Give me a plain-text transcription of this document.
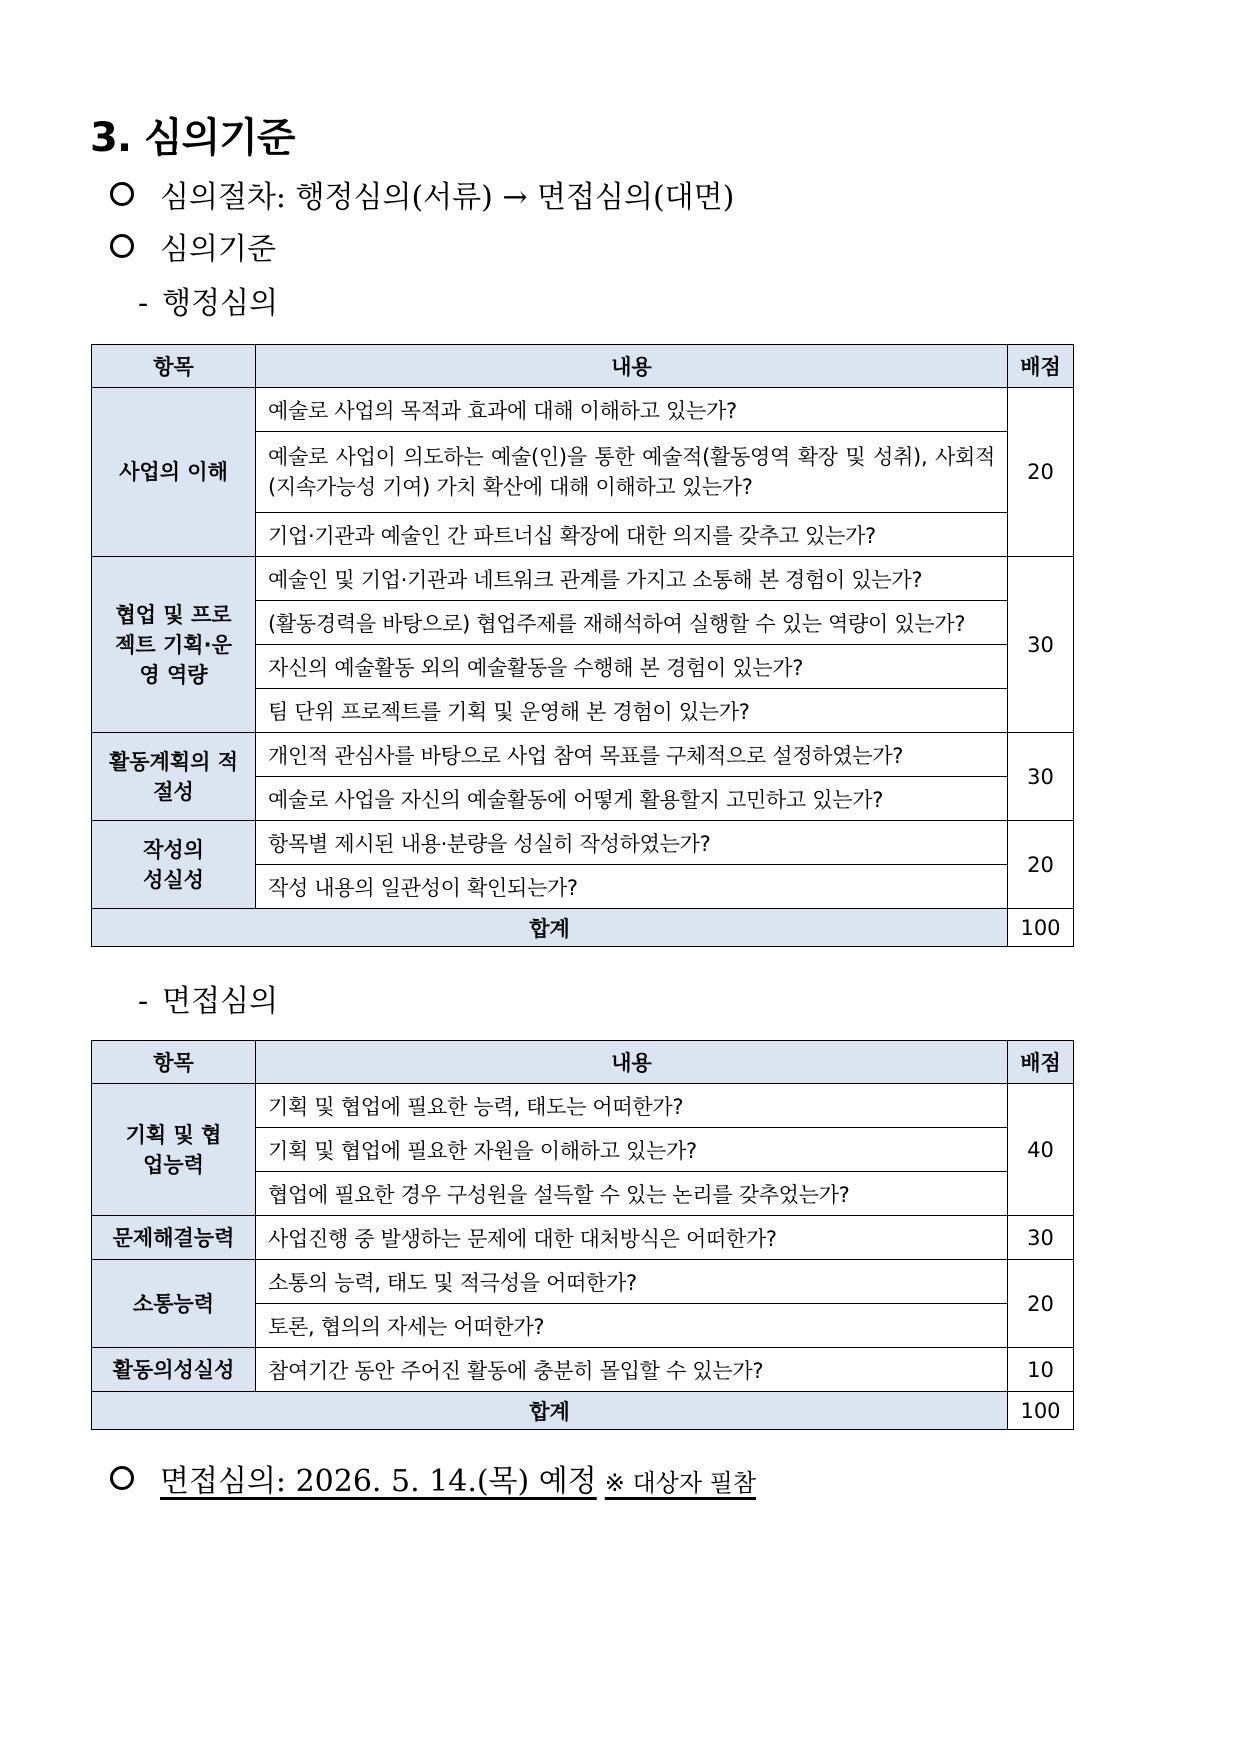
3. 심의기준
심의절차: 행정심의(서류) → 면접심의(대면)
심의기준
- 행정심의
항목	내용	배점
사업의 이해	예술로 사업의 목적과 효과에 대해 이해하고 있는가?	20
	예술로 사업이 의도하는 예술(인)을 통한 예술적(활동영역 확장 및 성취), 사회적(지속가능성 기여) 가치 확산에 대해 이해하고 있는가?	
	기업·기관과 예술인 간 파트너십 확장에 대한 의지를 갖추고 있는가?	
협업 및 프로젝트 기획·운영 역량	예술인 및 기업·기관과 네트워크 관계를 가지고 소통해 본 경험이 있는가?	30
	(활동경력을 바탕으로) 협업주제를 재해석하여 실행할 수 있는 역량이 있는가?	
	자신의 예술활동 외의 예술활동을 수행해 본 경험이 있는가?	
	팀 단위 프로젝트를 기획 및 운영해 본 경험이 있는가?	
활동계획의 적절성	개인적 관심사를 바탕으로 사업 참여 목표를 구체적으로 설정하였는가?	30
	예술로 사업을 자신의 예술활동에 어떻게 활용할지 고민하고 있는가?	
작성의 성실성	항목별 제시된 내용·분량을 성실히 작성하였는가?	20
	작성 내용의 일관성이 확인되는가?	
합계		100
- 면접심의
항목	내용	배점
기획 및 협업능력	기획 및 협업에 필요한 능력, 태도는 어떠한가?	40
	기획 및 협업에 필요한 자원을 이해하고 있는가?	
	협업에 필요한 경우 구성원을 설득할 수 있는 논리를 갖추었는가?	
문제해결능력	사업진행 중 발생하는 문제에 대한 대처방식은 어떠한가?	30
소통능력	소통의 능력, 태도 및 적극성을 어떠한가?	20
	토론, 협의의 자세는 어떠한가?	
활동의성실성	참여기간 동안 주어진 활동에 충분히 몰입할 수 있는가?	10
합계		100
면접심의: 2026. 5. 14.(목) 예정 ※ 대상자 필참
